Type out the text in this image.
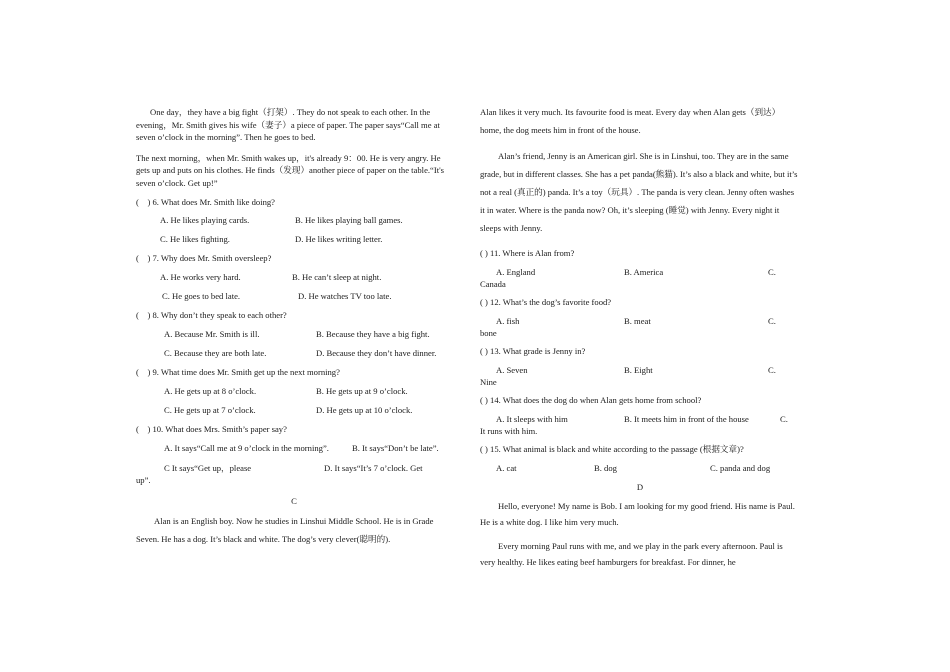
One day，they have a big fight（打架）. They do not speak to each other. In the evening，Mr. Smith gives his wife（妻子）a piece of paper. The paper says“Call me at seven o’clock in the morning”. Then he goes to bed.

The next morning，when Mr. Smith wakes up，it's already 9：00. He is very angry. He gets up and puts on his clothes. He finds（发现）another piece of paper on the table.“It's seven o’clock. Get up!”

(　) 6. What does Mr. Smith like doing?

A. He likes playing cards.	B. He likes playing ball games.
C. He likes fighting.	D. He likes writing letter.

(　) 7. Why does Mr. Smith oversleep?

A. He works very hard.	B. He can’t sleep at night.
C. He goes to bed late.	D. He watches TV too late.

(　) 8. Why don’t they speak to each other?

A. Because Mr. Smith is ill.	B. Because they have a big fight.
C. Because they are both late.	D. Because they don’t have dinner.

(　) 9. What time does Mr. Smith get up the next morning?

A. He gets up at 8 o’clock.	B. He gets up at 9 o’clock.
C. He gets up at 7 o’clock.	D. He gets up at 10 o’clock.

(　) 10. What does Mrs. Smith’s paper say?

A. It says“Call me at 9 o’clock in the morning”.	B. It says“Don’t be late”.
C It says“Get up，please	D. It says“It’s 7 o’clock. Get

up”.

C

Alan is an English boy. Now he studies in Linshui Middle School. He is in Grade Seven. He has a dog. It’s black and white. The dog’s very clever(聪明的).

Alan likes it very much. Its favourite food is meat. Every day when Alan gets（到达）home, the dog meets him in front of the house.

Alan’s friend, Jenny is an American girl. She is in Linshui, too. They are in the same grade, but in different classes. She has a pet panda(熊猫). It’s also a black and white, but it’s not a real (真正的) panda. It’s a toy（玩具）. The panda is very clean. Jenny often washes it in water. Where is the panda now? Oh, it’s sleeping (睡觉) with Jenny. Every night it sleeps with Jenny.

( ) 11. Where is Alan from?

A. England	B. America	C.

Canada

( ) 12. What’s the dog’s favorite food?

A. fish	B. meat	C.

bone

( ) 13. What grade is Jenny in?

A. Seven	B. Eight	C.

Nine

( ) 14. What does the dog do when Alan gets home from school?

A. It sleeps with him	B. It meets him in front of the house	C.

It runs with him.

( ) 15. What animal is black and white according to the passage (根据文章)?

A. cat	B. dog	C. panda and dog

D

Hello, everyone! My name is Bob. I am looking for my good friend. His name is Paul. He is a white dog. I like him very much.

Every morning Paul runs with me, and we play in the park every afternoon. Paul is very healthy. He likes eating beef hamburgers for breakfast. For dinner, he
